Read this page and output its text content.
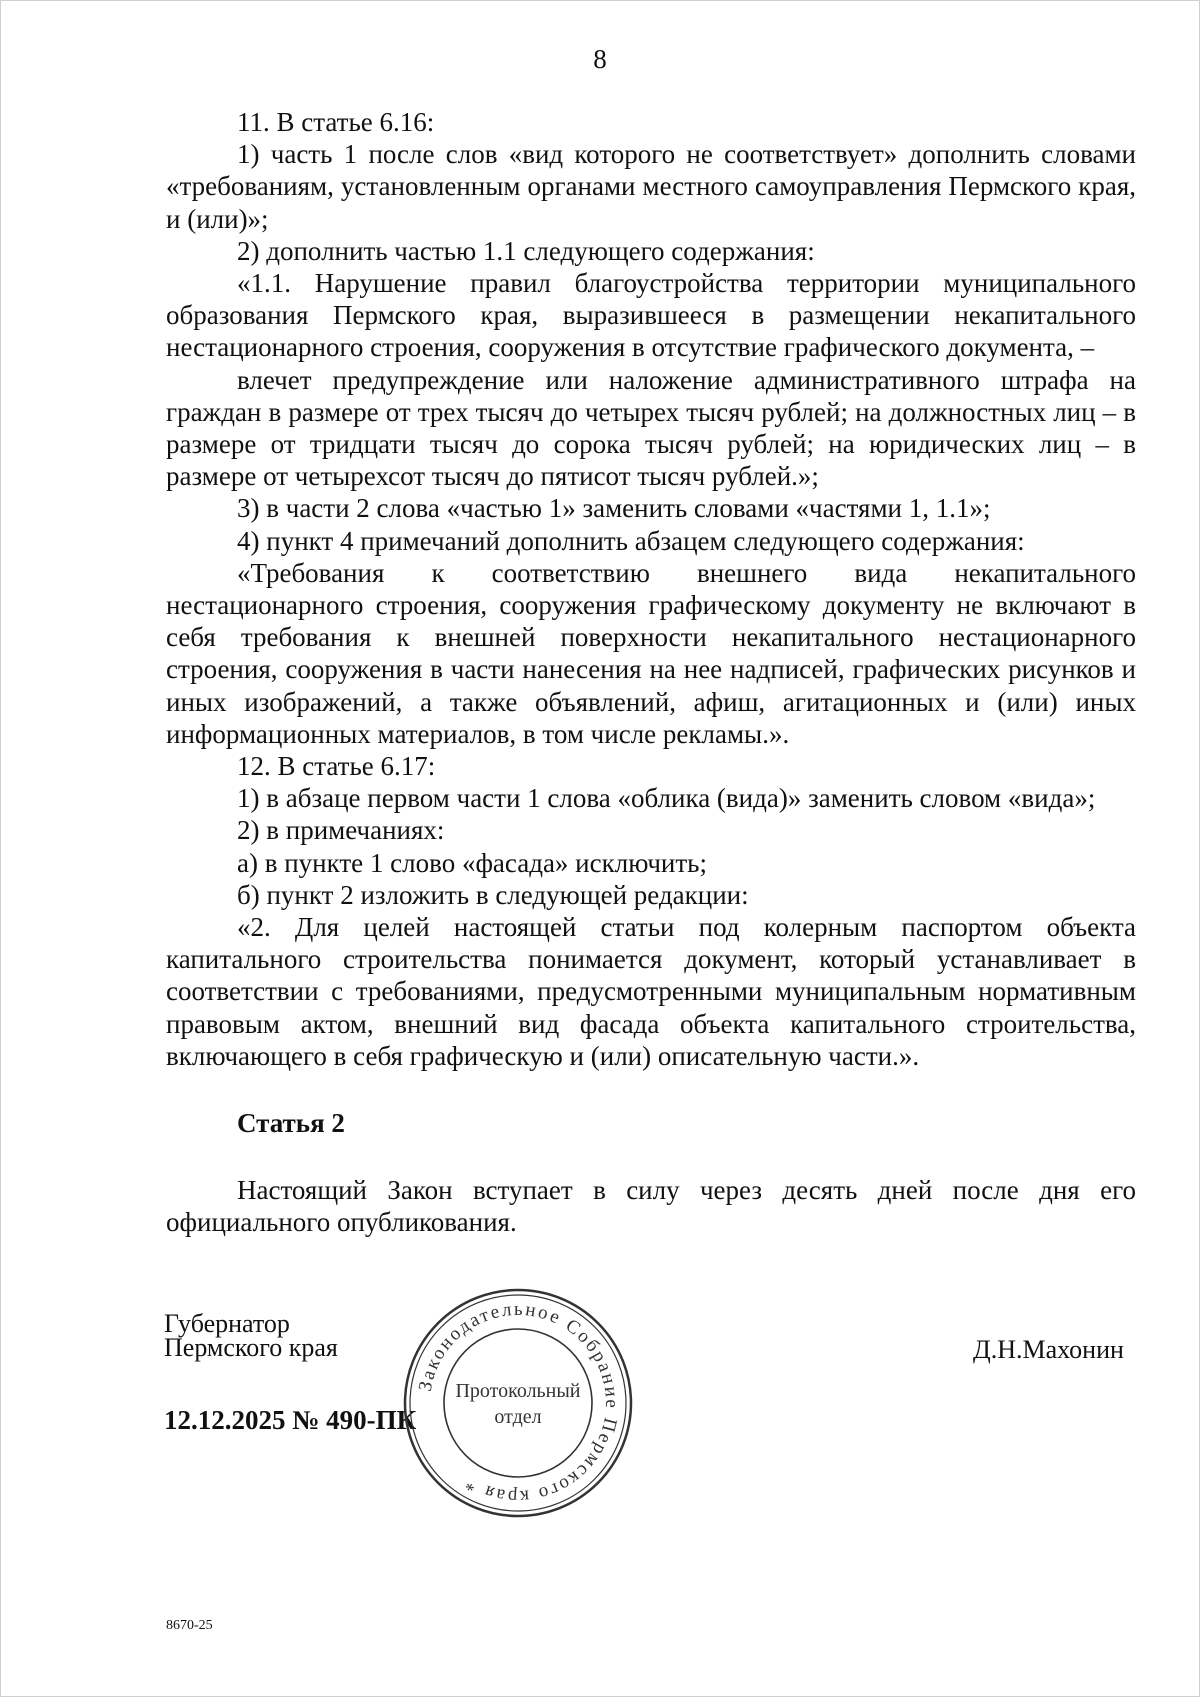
8

11. В статье 6.16:

1) часть 1 после слов «вид которого не соответствует» дополнить словами «требованиям, установленным органами местного самоуправления Пермского края, и (или)»;

2) дополнить частью 1.1 следующего содержания:

«1.1. Нарушение правил благоустройства территории муниципального образования Пермского края, выразившееся в размещении некапитального нестационарного строения, сооружения в отсутствие графического документа, –

влечет предупреждение или наложение административного штрафа на граждан в размере от трех тысяч до четырех тысяч рублей; на должностных лиц – в размере от тридцати тысяч до сорока тысяч рублей; на юридических лиц – в размере от четырехсот тысяч до пятисот тысяч рублей.»;

3) в части 2 слова «частью 1» заменить словами «частями 1, 1.1»;

4) пункт 4 примечаний дополнить абзацем следующего содержания:

«Требования к соответствию внешнего вида некапитального нестационарного строения, сооружения графическому документу не включают в себя требования к внешней поверхности некапитального нестационарного строения, сооружения в части нанесения на нее надписей, графических рисунков и иных изображений, а также объявлений, афиш, агитационных и (или) иных информационных материалов, в том числе рекламы.».

12. В статье 6.17:

1) в абзаце первом части 1 слова «облика (вида)» заменить словом «вида»;

2) в примечаниях:

а) в пункте 1 слово «фасада» исключить;

б) пункт 2 изложить в следующей редакции:

«2. Для целей настоящей статьи под колерным паспортом объекта капитального строительства понимается документ, который устанавливает в соответствии с требованиями, предусмотренными муниципальным нормативным правовым актом, внешний вид фасада объекта капитального строительства, включающего в себя графическую и (или) описательную части.».

Статья 2

Настоящий Закон вступает в силу через десять дней после дня его официального опубликования.

Губернатор
Пермского края	Д.Н.Махонин
12.12.2025 № 490-ПК
Законодательное Собрание Пермского края *
Протокольный
отдел
8670-25
